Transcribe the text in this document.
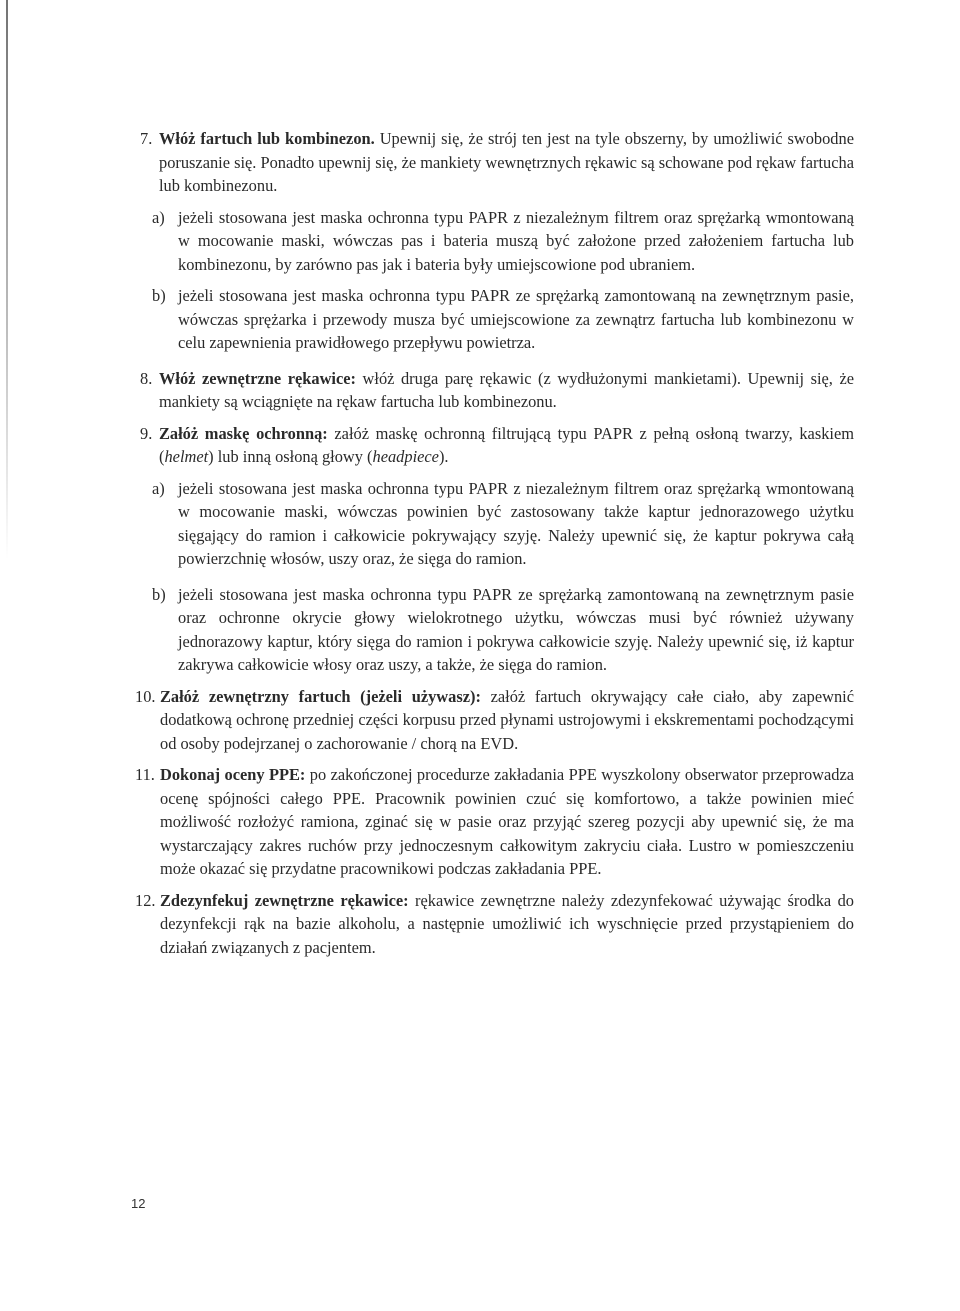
7. Włóż fartuch lub kombinezon. Upewnij się, że strój ten jest na tyle obszerny, by umożliwić swobodne poruszanie się. Ponadto upewnij się, że mankiety wewnętrznych rękawic są schowane pod rękaw fartucha lub kombinezonu.
a) jeżeli stosowana jest maska ochronna typu PAPR z niezależnym filtrem oraz sprężarką wmontowaną w mocowanie maski, wówczas pas i bateria muszą być założone przed założeniem fartucha lub kombinezonu, by zarówno pas jak i bateria były umiejscowione pod ubraniem.
b) jeżeli stosowana jest maska ochronna typu PAPR ze sprężarką zamontowaną na zewnętrznym pasie, wówczas sprężarka i przewody musza być umiejscowione za zewnątrz fartucha lub kombinezonu w celu zapewnienia prawidłowego przepływu powietrza.
8. Włóż zewnętrzne rękawice: włóż druga parę rękawic (z wydłużonymi mankietami). Upewnij się, że mankiety są wciągnięte na rękaw fartucha lub kombinezonu.
9. Załóż maskę ochronną: załóż maskę ochronną filtrującą typu PAPR z pełną osłoną twarzy, kaskiem (helmet) lub inną osłoną głowy (headpiece).
a) jeżeli stosowana jest maska ochronna typu PAPR z niezależnym filtrem oraz sprężarką wmontowaną w mocowanie maski, wówczas powinien być zastosowany także kaptur jednorazowego użytku sięgający do ramion i całkowicie pokrywający szyję. Należy upewnić się, że kaptur pokrywa całą powierzchnię włosów, uszy oraz, że sięga do ramion.
b) jeżeli stosowana jest maska ochronna typu PAPR ze sprężarką zamontowaną na zewnętrznym pasie oraz ochronne okrycie głowy wielokrotnego użytku, wówczas musi być również używany jednorazowy kaptur, który sięga do ramion i pokrywa całkowicie szyję. Należy upewnić się, iż kaptur zakrywa całkowicie włosy oraz uszy, a także, że sięga do ramion.
10. Załóż zewnętrzny fartuch (jeżeli używasz): załóż fartuch okrywający całe ciało, aby zapewnić dodatkową ochronę przedniej części korpusu przed płynami ustrojowymi i ekskrementami pochodzącymi od osoby podejrzanej o zachorowanie / chorą na EVD.
11. Dokonaj oceny PPE: po zakończonej procedurze zakładania PPE wyszkolony obserwator przeprowadza ocenę spójności całego PPE. Pracownik powinien czuć się komfortowo, a także powinien mieć możliwość rozłożyć ramiona, zginać się w pasie oraz przyjąć szereg pozycji aby upewnić się, że ma wystarczający zakres ruchów przy jednoczesnym całkowitym zakryciu ciała. Lustro w pomieszczeniu może okazać się przydatne pracownikowi podczas zakładania PPE.
12. Zdezynfekuj zewnętrzne rękawice: rękawice zewnętrzne należy zdezynfekować używając środka do dezynfekcji rąk na bazie alkoholu, a następnie umożliwić ich wyschnięcie przed przystąpieniem do działań związanych z pacjentem.
12
